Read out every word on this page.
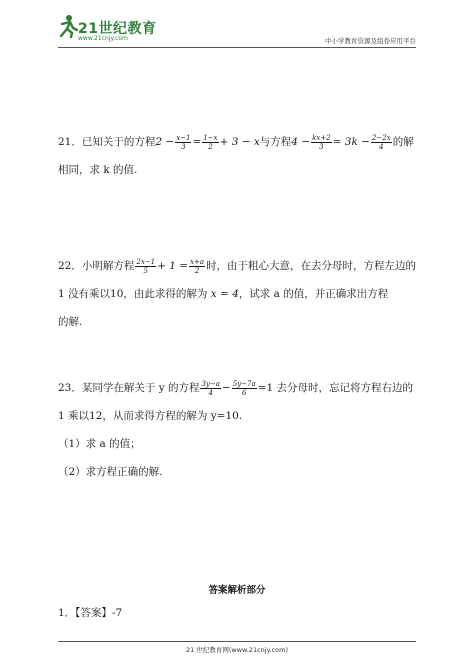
21世纪教育
www.21cnjy.com	中小学教育资源及组卷应用平台

21．已知关于的方程$2 - \frac{x-1}{3} = \frac{1-x}{2} + 3 - x$与方程$4 - \frac{kx+2}{3} = 3k - \frac{2-2x}{4}$ 的解

相同，求 k 的值.

22．小明解方程 $\frac{2x-1}{5} + 1 = \frac{x+a}{2}$ 时，由于粗心大意，在去分母时，方程左边的

1 没有乘以10，由此求得的解为 x = 4，试求 a 的值，并正确求出方程

的解.

23．某同学在解关于 y 的方程 $\frac{3y-a}{4} - \frac{5y-7a}{6} =1$ 去分母时，忘记将方程右边的

1 乘以12，从而求得方程的解为 y=10.

（1）求 a 的值；

（2）求方程正确的解.

答案解析部分
1．【答案】-7
21 世纪教育网(www.21cnjy.com)
